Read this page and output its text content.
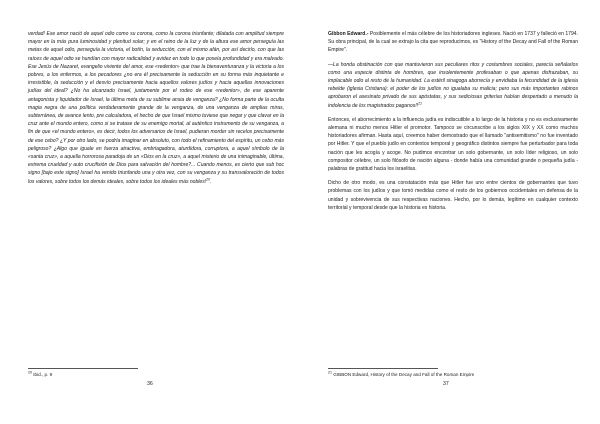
verdad! Ese amor nació de aquel odio como su corona, como la corona triunfante; dilatada con amplitud siempre mayor en la más pura luminosidad y plenitud solar; y en el reino de la luz y de la altura ese amor perseguía las metas de aquel odio, perseguía la victoria, el botín, la seducción, con el mismo afán, por así decirlo, con que las raíces de aquel odio se hundían con mayor radicalidad y avidez en todo lo que poseía profundidad y era malvado. Ese Jesús de Nazaret, evangelio viviente del amor, ese «redentor» que trae la bienaventuranza y la victoria a los pobres, a los enfermos, a los pecadores ¿no era él precisamente la seducción en su forma más inquietante e irresistible, la seducción y el desvío precisamente hacia aquellos valores judíos y hacia aquellas innovaciones judías del ideal? ¿No ha alcanzado Israel, justamente por el rodeo de ese «redentor», de ese aparente antagonista y liquidador de Israel, la última meta de su sublime ansia de venganza? ¿No forma parte de la oculta magia negra de una política verdaderamente grande de la venganza, de una venganza de amplias miras, subterránea, de avance lento, pre calculadora, el hecho de que Israel mismo tuviese que negar y que clavar en la cruz ante el mundo entero, como si se tratase de su enemigo mortal, al auténtico instrumento de su venganza, a fin de que «el mundo entero», es decir, todos los adversarios de Israel, pudieran morder sin recelos precisamente de ese cebo? ¿Y por otro lado, se podría imaginar en absoluto, con todo el refinamiento del espíritu, un cebo más peligroso? ¿Algo que iguale en fuerza atractiva, embriagadora, aturdidora, corruptora, a aquel símbolo de la «santa cruz», a aquella horrorosa paradoja de un «Dios en la cruz», a aquel misterio de una inimaginable, última, extrema crueldad y auto crucifixión de Dios para salvación del hombre?... Cuando menos, es cierto que sub hoc signo [bajo este signo] Israel ha venido triunfando una y otra vez, con su venganza y su transvaloración de todos los valores, sobre todos los demás ideales, sobre todos los ideales más nobles!$^{20}$.

$^{20}$ Ibid., p. 9
36

Gibbon Edward.- Posiblemente el más célebre de los historiadores ingleses. Nació en 1737 y falleció en 1794. Su obra principal, de la cual se extrajo la cita que reproducimos, es "History of the Decay and Fall of the Roman Empire".

—La honda obstinación con que mantuvieron sus peculiares ritos y costumbres sociales, parecía señalarlos como una especie distinta de hombres, que insolentemente profesaban o que apenas disfrazaban, su implacable odio al resto de la humanidad. La estéril sinagoga aborrecía y envidiaba la fecundidad de la iglesia rebelde (iglesia Cristiana): el poder de los judíos no igualaba su malicia; pero sus más importantes rabinos aprobaron el asesinato privado de sus apóstatas, y sus sediciosas griterías habían despertado a menudo la indolencia de los magistrados paganos!!$^{21}$

Entonces, el aborrecimiento a la influencia judía es indiscutible a lo largo de la historia y no es exclusivamente alemana ni mucho menos Hitler el promotor. Tampoco se circunscribe a los siglos XIX y XX como muchos historiadores afirman. Hasta aquí, creemos haber demostrado que el llamado "antisemitismo" no fue inventado por Hitler. Y que el pueblo judío en contextos temporal y geográfico distintos siempre fue perturbador para toda nación que les acogía y acoge. No pudimos encontrar un solo gobernante, un solo líder religioso, un solo compositor célebre, un solo filósofo de nación alguna - donde había una comunidad grande o pequeña judía - palabras de gratitud hacia los israelitas.

Dicho de otro modo, es una constatación más que Hitler fue uno entre cientos de gobernantes que tuvo problemas con los judíos y que tomó medidas como el resto de los gobiernos occidentales en defensa de la unidad y sobrevivencia de sus respectivas naciones. Hecho, por lo demás, legítimo en cualquier contexto territorial y temporal desde que la historia es historia.

$^{21}$ GIBBON Edward, History of the Decay and Fall of the Roman Empire
37
